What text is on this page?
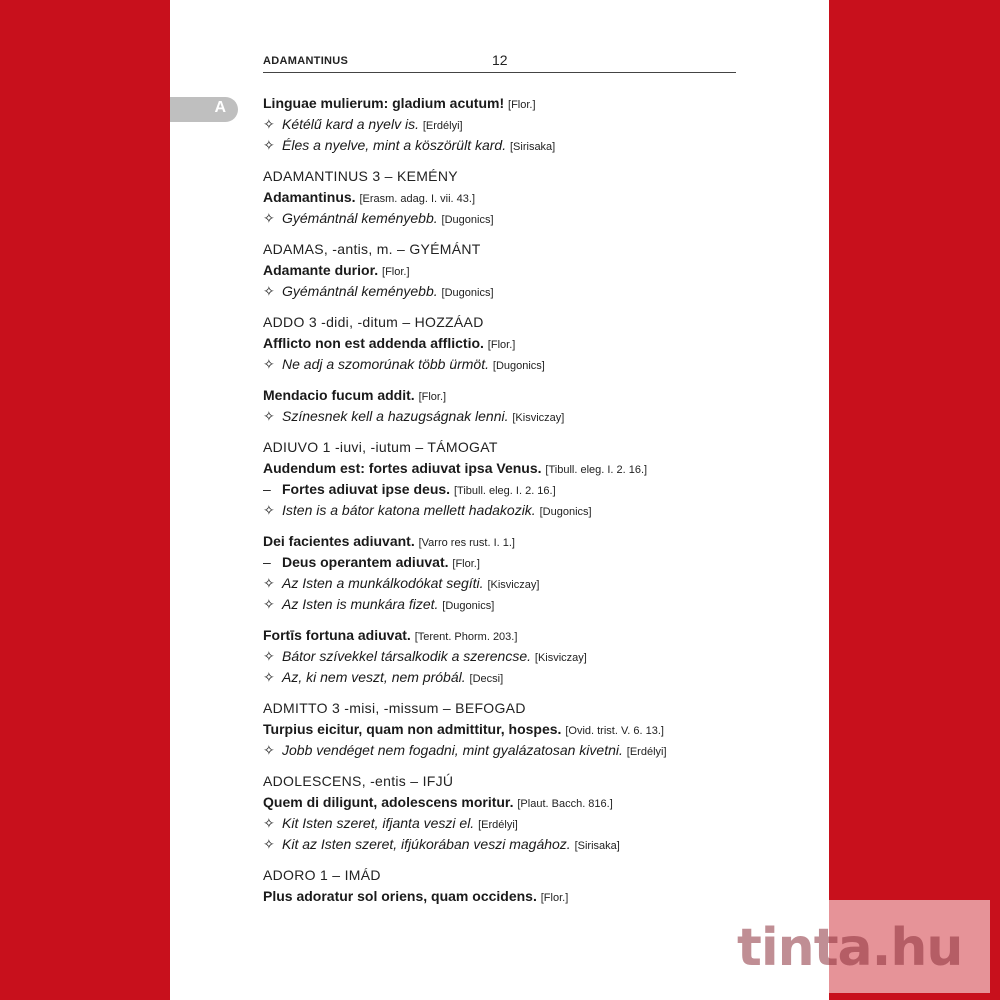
ADAMANTINUS	12
A	Linguae mulierum: gladium acutum! [Flor.]
✧ Kétélű kard a nyelv is. [Erdélyi]
✧ Éles a nyelve, mint a köszörült kard. [Sirisaka]
ADAMANTINUS 3 – KEMÉNY
Adamantinus. [Erasm. adag. I. vii. 43.]
✧ Gyémántnál keményebb. [Dugonics]
ADAMAS, -antis, m. – GYÉMÁNT
Adamante durior. [Flor.]
✧ Gyémántnál keményebb. [Dugonics]
ADDO 3 -didi, -ditum – HOZZÁAD
Afflicto non est addenda afflictio. [Flor.]
✧ Ne adj a szomorúnak több ürmöt. [Dugonics]
Mendacio fucum addit. [Flor.]
✧ Színesnek kell a hazugságnak lenni. [Kisviczay]
ADIUVO 1 -iuvi, -iutum – TÁMOGAT
Audendum est: fortes adiuvat ipsa Venus. [Tibull. eleg. I. 2. 16.]
– Fortes adiuvat ipse deus. [Tibull. eleg. I. 2. 16.]
✧ Isten is a bátor katona mellett hadakozik. [Dugonics]
Dei facientes adiuvant. [Varro res rust. I. 1.]
– Deus operantem adiuvat. [Flor.]
✧ Az Isten a munkálkodókat segíti. [Kisviczay]
✧ Az Isten is munkára fizet. [Dugonics]
Fortīs fortuna adiuvat. [Terent. Phorm. 203.]
✧ Bátor szívekkel társalkodik a szerencse. [Kisviczay]
✧ Az, ki nem veszt, nem próbál. [Decsi]
ADMITTO 3 -misi, -missum – BEFOGAD
Turpius eicitur, quam non admittitur, hospes. [Ovid. trist. V. 6. 13.]
✧ Jobb vendéget nem fogadni, mint gyalázatosan kivetni. [Erdélyi]
ADOLESCENS, -entis – IFJÚ
Quem di diligunt, adolescens moritur. [Plaut. Bacch. 816.]
✧ Kit Isten szeret, ifjanta veszi el. [Erdélyi]
✧ Kit az Isten szeret, ifjúkorában veszi magához. [Sirisaka]
ADORO 1 – IMÁD
Plus adoratur sol oriens, quam occidens. [Flor.]
tinta.hu
